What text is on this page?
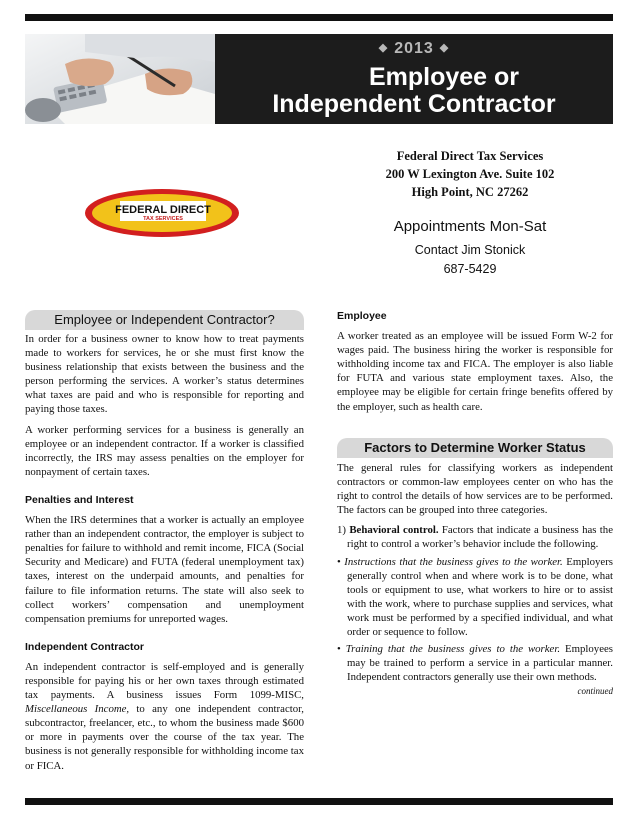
◆ 2013 ◆
Employee or
Independent Contractor
Federal Direct Tax Services
200 W Lexington Ave. Suite 102
High Point, NC 27262
Appointments Mon-Sat
Contact Jim Stonick
687-5429
FEDERAL DIRECT
TAX SERVICES
Employee or Independent Contractor?

In order for a business owner to know how to treat payments made to workers for services, he or she must first know the business relationship that exists between the business and the person performing the services. A worker’s status determines what taxes are paid and who is responsible for reporting and paying those taxes.

A worker performing services for a business is generally an employee or an independent contractor. If a worker is classified incorrectly, the IRS may assess penalties on the employer for nonpayment of certain taxes.

Penalties and Interest

When the IRS determines that a worker is actually an employee rather than an independent contractor, the employer is subject to penalties for failure to withhold and remit income, FICA (Social Security and Medicare) and FUTA (federal unemployment tax) taxes, interest on the underpaid amounts, and penalties for failure to file information returns. The state will also seek to collect workers’ compensation and unemployment compensation premiums for unreported wages.

Independent Contractor

An independent contractor is self-employed and is generally responsible for paying his or her own taxes through estimated tax payments. A business issues Form 1099-MISC, Miscellaneous Income, to any one independent contractor, subcontractor, freelancer, etc., to whom the business made $600 or more in payments over the course of the tax year. The business is not generally responsible for withholding income tax or FICA.

Employee

A worker treated as an employee will be issued Form W-2 for wages paid. The business hiring the worker is responsible for withholding income tax and FICA. The employer is also liable for FUTA and various state employment taxes. Also, the employee may be eligible for certain fringe benefits offered by the employer, such as health care.

Factors to Determine Worker Status

The general rules for classifying workers as independent contractors or common-law employees center on who has the right to control the details of how services are to be performed. The factors can be grouped into three categories.

1) Behavioral control. Factors that indicate a business has the right to control a worker’s behavior include the following.

• Instructions that the business gives to the worker. Employers generally control when and where work is to be done, what tools or equipment to use, what workers to hire or to assist with the work, where to purchase supplies and services, what work must be performed by a specified individual, and what order or sequence to follow.

• Training that the business gives to the worker. Employees may be trained to perform a service in a particular manner. Independent contractors generally use their own methods.
continued
